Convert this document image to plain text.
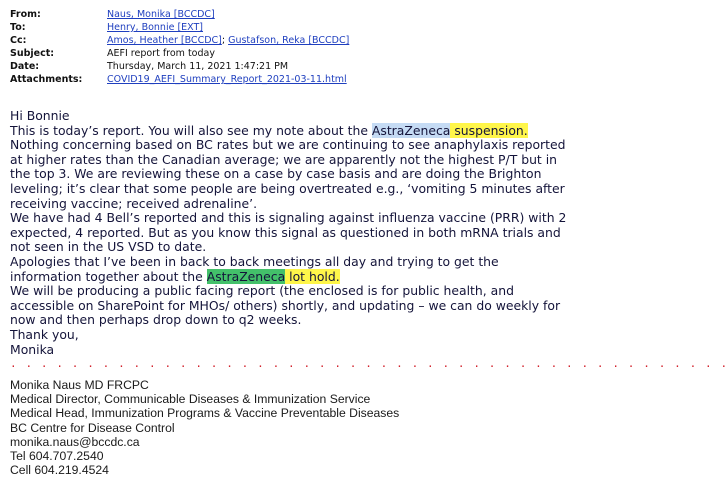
From:	Naus, Monika [BCCDC]
To:	Henry, Bonnie [EXT]
Cc:	Amos, Heather [BCCDC]; Gustafson, Reka [BCCDC]
Subject:	AEFI report from today
Date:	Thursday, March 11, 2021 1:47:21 PM
Attachments:	COVID19_AEFI_Summary_Report_2021-03-11.html
Hi Bonnie
This is today’s report. You will also see my note about the AstraZeneca suspension.
Nothing concerning based on BC rates but we are continuing to see anaphylaxis reported
at higher rates than the Canadian average; we are apparently not the highest P/T but in
the top 3. We are reviewing these on a case by case basis and are doing the Brighton
leveling; it’s clear that some people are being overtreated e.g., ‘vomiting 5 minutes after
receiving vaccine; received adrenaline’.
We have had 4 Bell’s reported and this is signaling against influenza vaccine (PRR) with 2
expected, 4 reported. But as you know this signal as questioned in both mRNA trials and
not seen in the US VSD to date.
Apologies that I’ve been in back to back meetings all day and trying to get the
information together about the AstraZeneca lot hold.
We will be producing a public facing report (the enclosed is for public health, and
accessible on SharePoint for MHOs/ others) shortly, and updating – we can do weekly for
now and then perhaps drop down to q2 weeks.
Thank you,
Monika
. . . . . . . . . . . . . . . . . . . . . . . . . . . . . . . . . . . . . . . . . . . . . . .
Monika Naus MD FRCPC
Medical Director, Communicable Diseases & Immunization Service
Medical Head, Immunization Programs & Vaccine Preventable Diseases
BC Centre for Disease Control
monika.naus@bccdc.ca
Tel 604.707.2540
Cell 604.219.4524
